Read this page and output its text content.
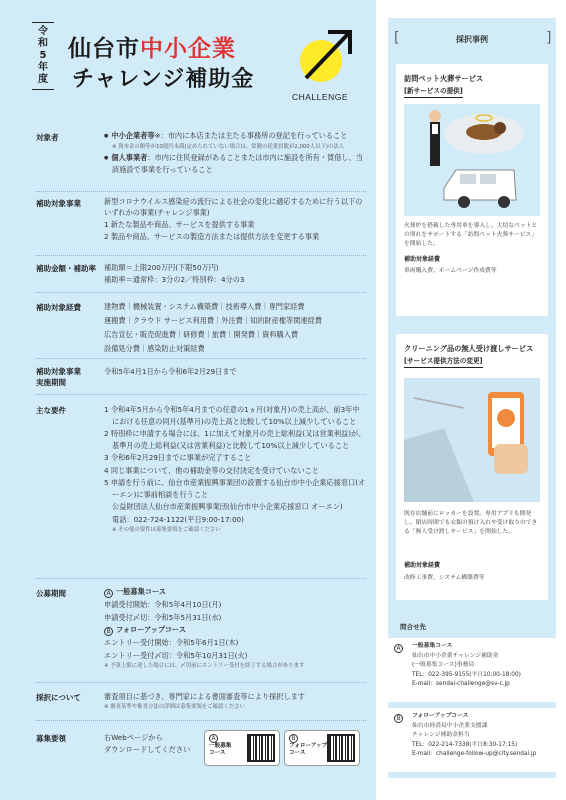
令
和
5
年
度
仙台市中小企業
チャレンジ補助金
CHALLENGE
対象者

●	中小企業者等※：市内に本店または主たる事務所の登記を行っていること

※ 資本金の額等が10億円未満(定められていない場合は、常勤の従業員数が2,000人以下)の法人

● 個人事業者：市内に住民登録があることまたは市内に施設を所有・賃借し、当該施設で事業を行っていること

補助対象事業	新型コロナウイルス感染症の流行による社会の変化に適応するために行う以下のいずれかの事業(チャレンジ事業)

1 新たな製品や商品、サービスを提供する事業

2 製品や商品、サービスの製造方法または提供方法を変更する事業

補助金額・補助率	補助額＝上限200万円(下限50万円)

補助率＝通常枠：3分の2／特別枠：4分の3

補助対象経費	建物費｜機械装置・システム構築費｜技術導入費｜専門家経費

運搬費｜クラウド サービス利用費｜外注費｜知的財産権等関連経費

広告宣伝・販売促進費｜研修費｜旅費｜開発費｜資料購入費

設備処分費｜感染防止対策経費

補助対象事業
実施期間
令和5年4月1日から令和6年2月29日まで
主な要件	1 令和4年5月から令和5年4月までの任意の1ヵ月(対象月)の売上高が、前3年中における任意の同月(基準月)の売上高と比較して10%以上減少していること

2 特別枠に申請する場合には、1に加えて対象月の売上総利益(又は営業利益)が、基準月の売上総利益(又は営業利益)と比較して10%以上減少していること

3 令和6年2月29日までに事業が完了すること

4 同じ事業について、他の補助金等の交付決定を受けていないこと

5 申請を行う前に、仙台市産業振興事業団の設置する仙台市中小企業応援窓口(オーエン)に事前相談を行うこと

公益財団法人仙台市産業振興事業団(仙台市中小企業応援窓口 オーエン)

電話：022-724-1122(平日9:00-17:00)

※ その他の要件は募集要領をご確認ください

公募期間	A 一般募集コース

申請受付開始：令和5年4月10日(月)

申請受付〆切：令和5年5月31日(水)

B フォローアップコース

エントリー受付開始：令和5年6月1日(木)

エントリー受付〆切：令和5年10月31日(火)

※ 予算上限に達した場合には、〆切前にエントリー受付を終了する場合があります

採択について	審査項目に基づき、専門家による書面審査等により採択します

※ 審査基準や審査方法の詳細は募集要領をご確認ください

募集要領	右Webページから

ダウンロードしてください

A
一般募集
コース
B
フォローアップ
コース
[	]
採択事例
訪問ペット火葬サービス
[新サービスの提供]
火葬炉を搭載した専用車を導入し、大切なペットとの別れをサポートする「訪問ペット火葬サービス」を開始した。
補助対象経費
車両購入費、ホームページ作成費等
クリーニング品の無人受け渡しサービス
[サービス提供方法の変更]
既存店舗前にロッカーを設置。専用アプリも開発し、閉店時間でも衣類の預け入れや受け取りのできる「無人受け渡しサービス」を開始した。
補助対象経費
改修工事費、システム構築費等
問合せ先
A	一般募集コース
仙台市中小企業チャレンジ補助金
(一般募集コース)事務局
TEL：022-395-9155(平日10:00-18:00)
E-mail：sendai-challenge@sv-c.jp
B	フォローアップコース
仙台市経済局中小企業支援課
チャレンジ補助金担当
TEL：022-214-7338(平日8:30-17:15)
E-mail：challenge-follow-up@city.sendai.jp
